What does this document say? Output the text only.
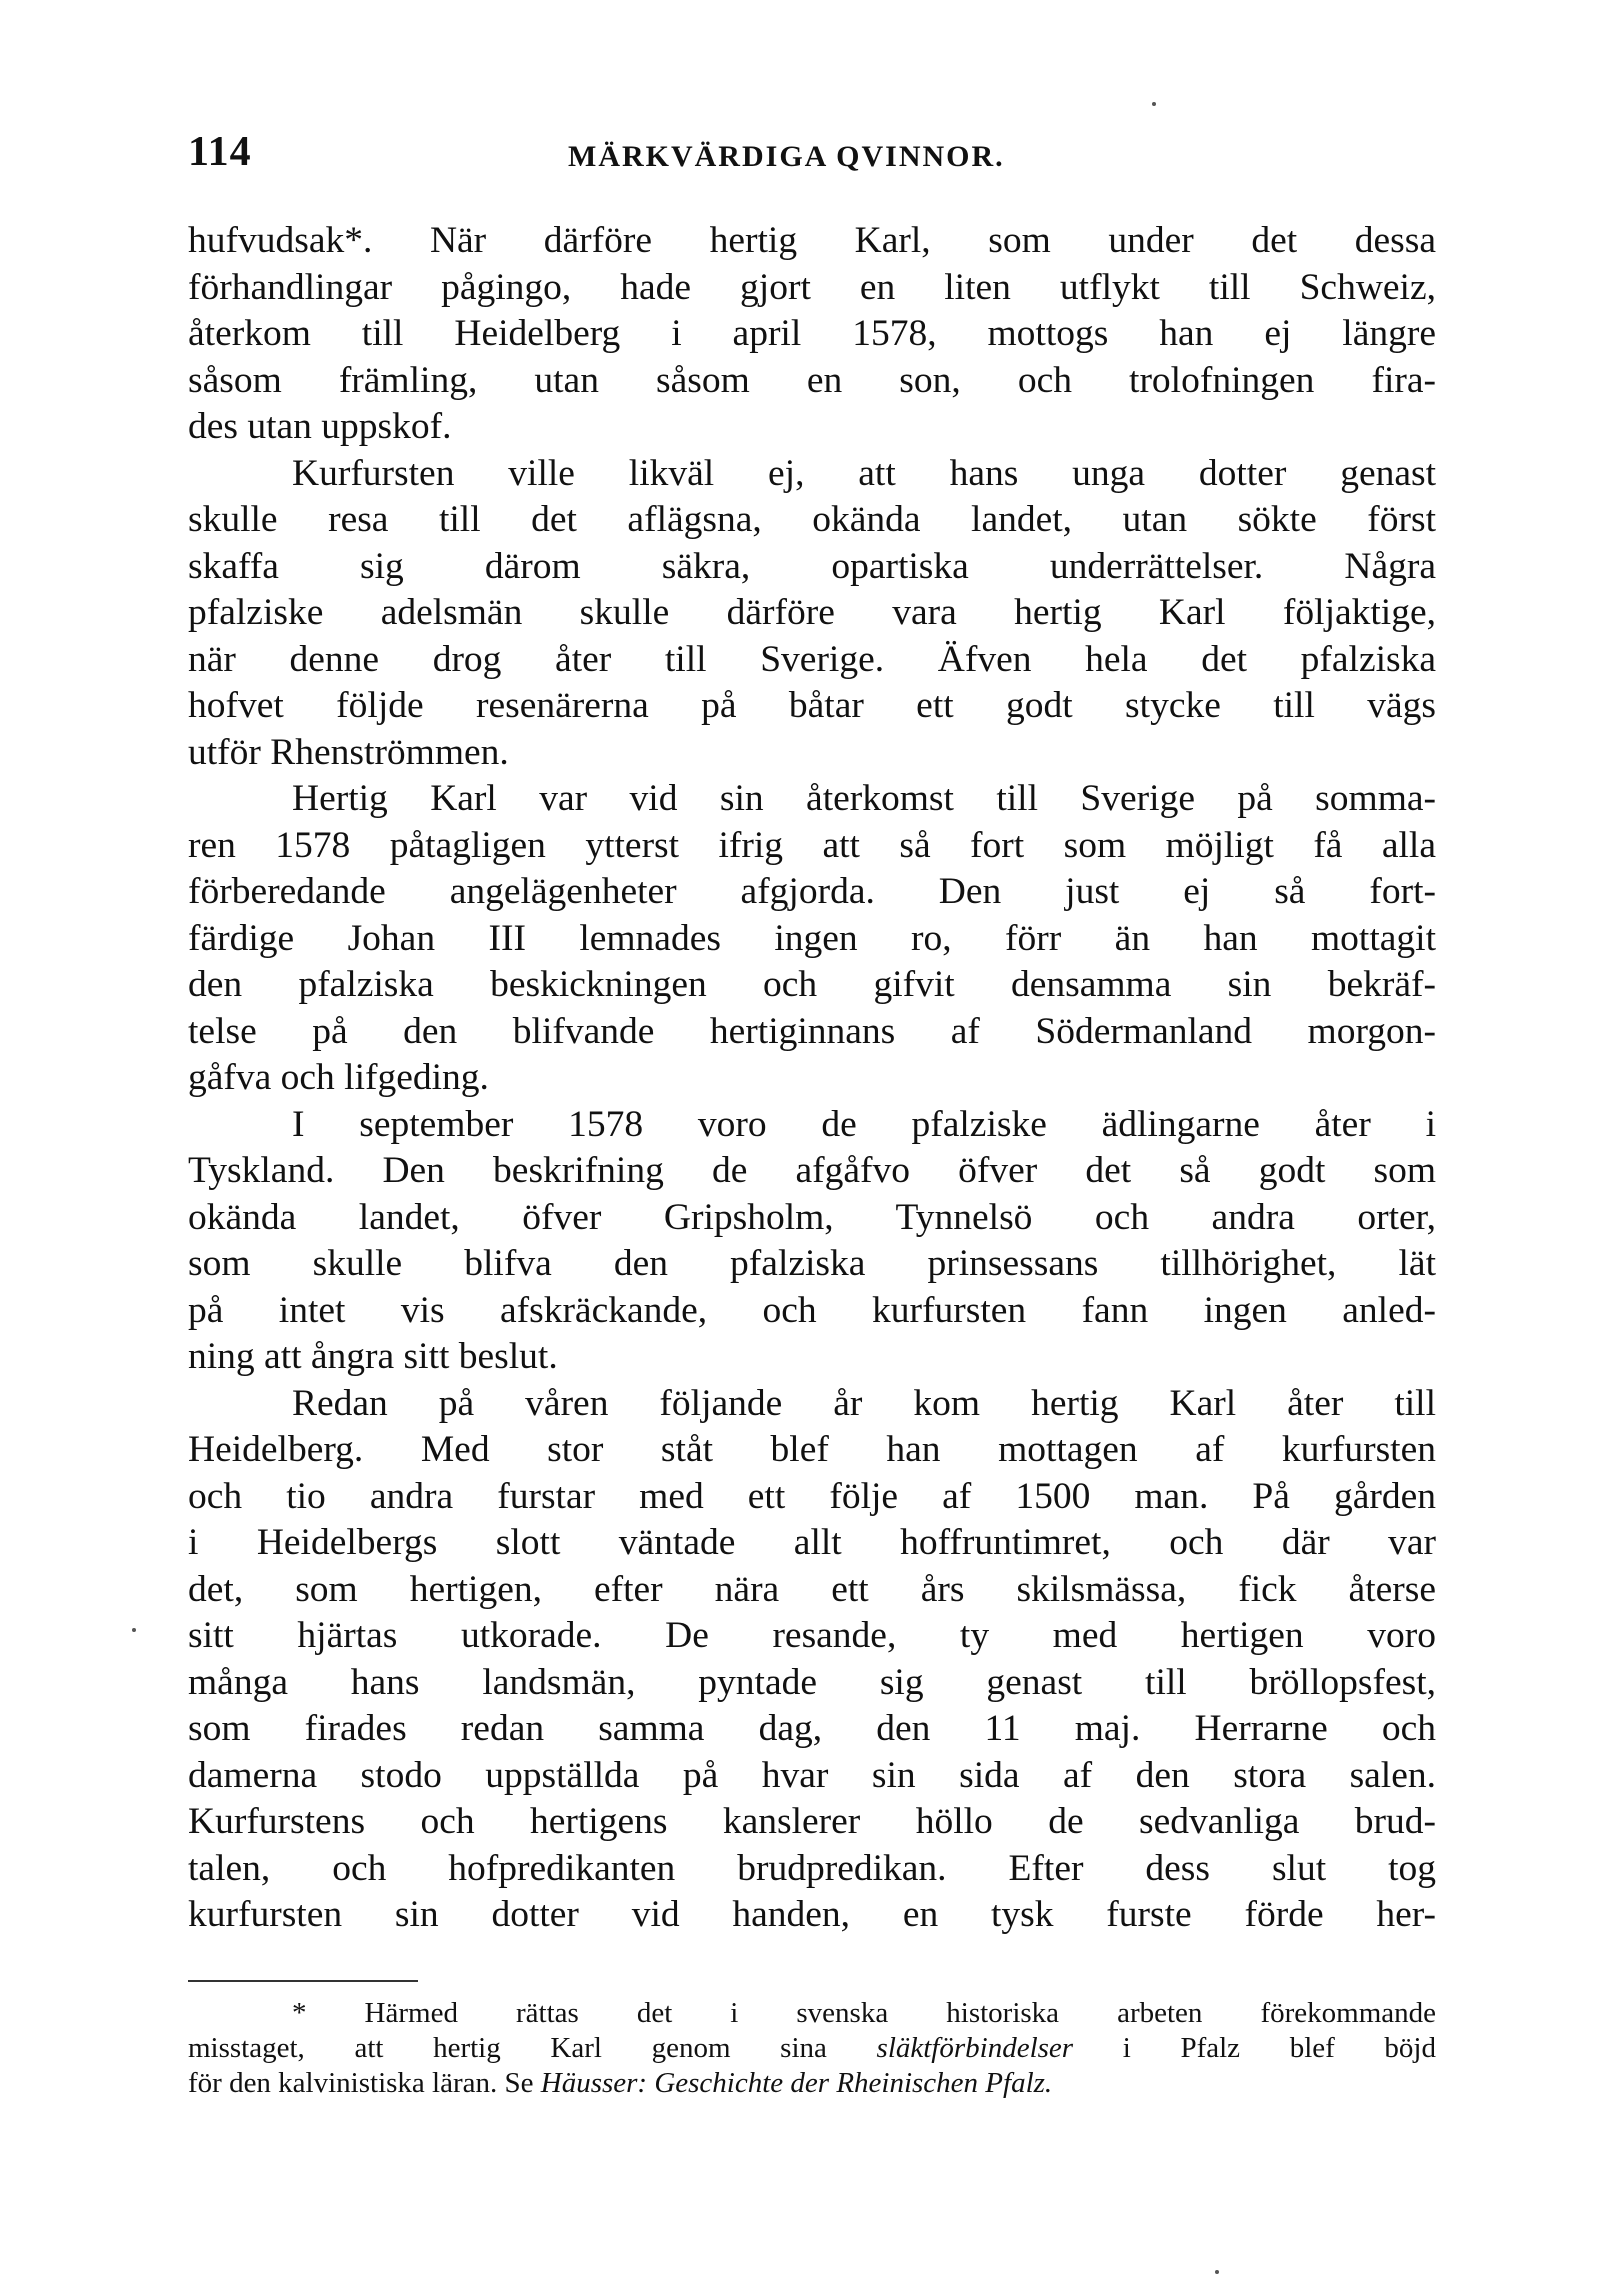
114	MÄRKVÄRDIGA QVINNOR.
hufvudsak*. När därföre hertig Karl, som under det dessa
förhandlingar pågingo, hade gjort en liten utflykt till Schweiz,
återkom till Heidelberg i april 1578, mottogs han ej längre
såsom främling, utan såsom en son, och trolofningen fira-
des utan uppskof.
Kurfursten ville likväl ej, att hans unga dotter genast
skulle resa till det aflägsna, okända landet, utan sökte först
skaffa sig därom säkra, opartiska underrättelser. Några
pfalziske adelsmän skulle därföre vara hertig Karl följaktige,
när denne drog åter till Sverige. Äfven hela det pfalziska
hofvet följde resenärerna på båtar ett godt stycke till vägs
utför Rhenströmmen.
Hertig Karl var vid sin återkomst till Sverige på somma-
ren 1578 påtagligen ytterst ifrig att så fort som möjligt få alla
förberedande angelägenheter afgjorda. Den just ej så fort-
färdige Johan III lemnades ingen ro, förr än han mottagit
den pfalziska beskickningen och gifvit densamma sin bekräf-
telse på den blifvande hertiginnans af Södermanland morgon-
gåfva och lifgeding.
I september 1578 voro de pfalziske ädlingarne åter i
Tyskland. Den beskrifning de afgåfvo öfver det så godt som
okända landet, öfver Gripsholm, Tynnelsö och andra orter,
som skulle blifva den pfalziska prinsessans tillhörighet, lät
på intet vis afskräckande, och kurfursten fann ingen anled-
ning att ångra sitt beslut.
Redan på våren följande år kom hertig Karl åter till
Heidelberg. Med stor ståt blef han mottagen af kurfursten
och tio andra furstar med ett följe af 1500 man. På gården
i Heidelbergs slott väntade allt hoffruntimret, och där var
det, som hertigen, efter nära ett års skilsmässa, fick återse
sitt hjärtas utkorade. De resande, ty med hertigen voro
många hans landsmän, pyntade sig genast till bröllopsfest,
som firades redan samma dag, den 11 maj. Herrarne och
damerna stodo uppställda på hvar sin sida af den stora salen.
Kurfurstens och hertigens kanslerer höllo de sedvanliga brud-
talen, och hofpredikanten brudpredikan. Efter dess slut tog
kurfursten sin dotter vid handen, en tysk furste förde her-
* Härmed rättas det i svenska historiska arbeten förekommande
misstaget, att hertig Karl genom sina släktförbindelser i Pfalz blef böjd
för den kalvinistiska läran. Se Häusser: Geschichte der Rheinischen Pfalz.
